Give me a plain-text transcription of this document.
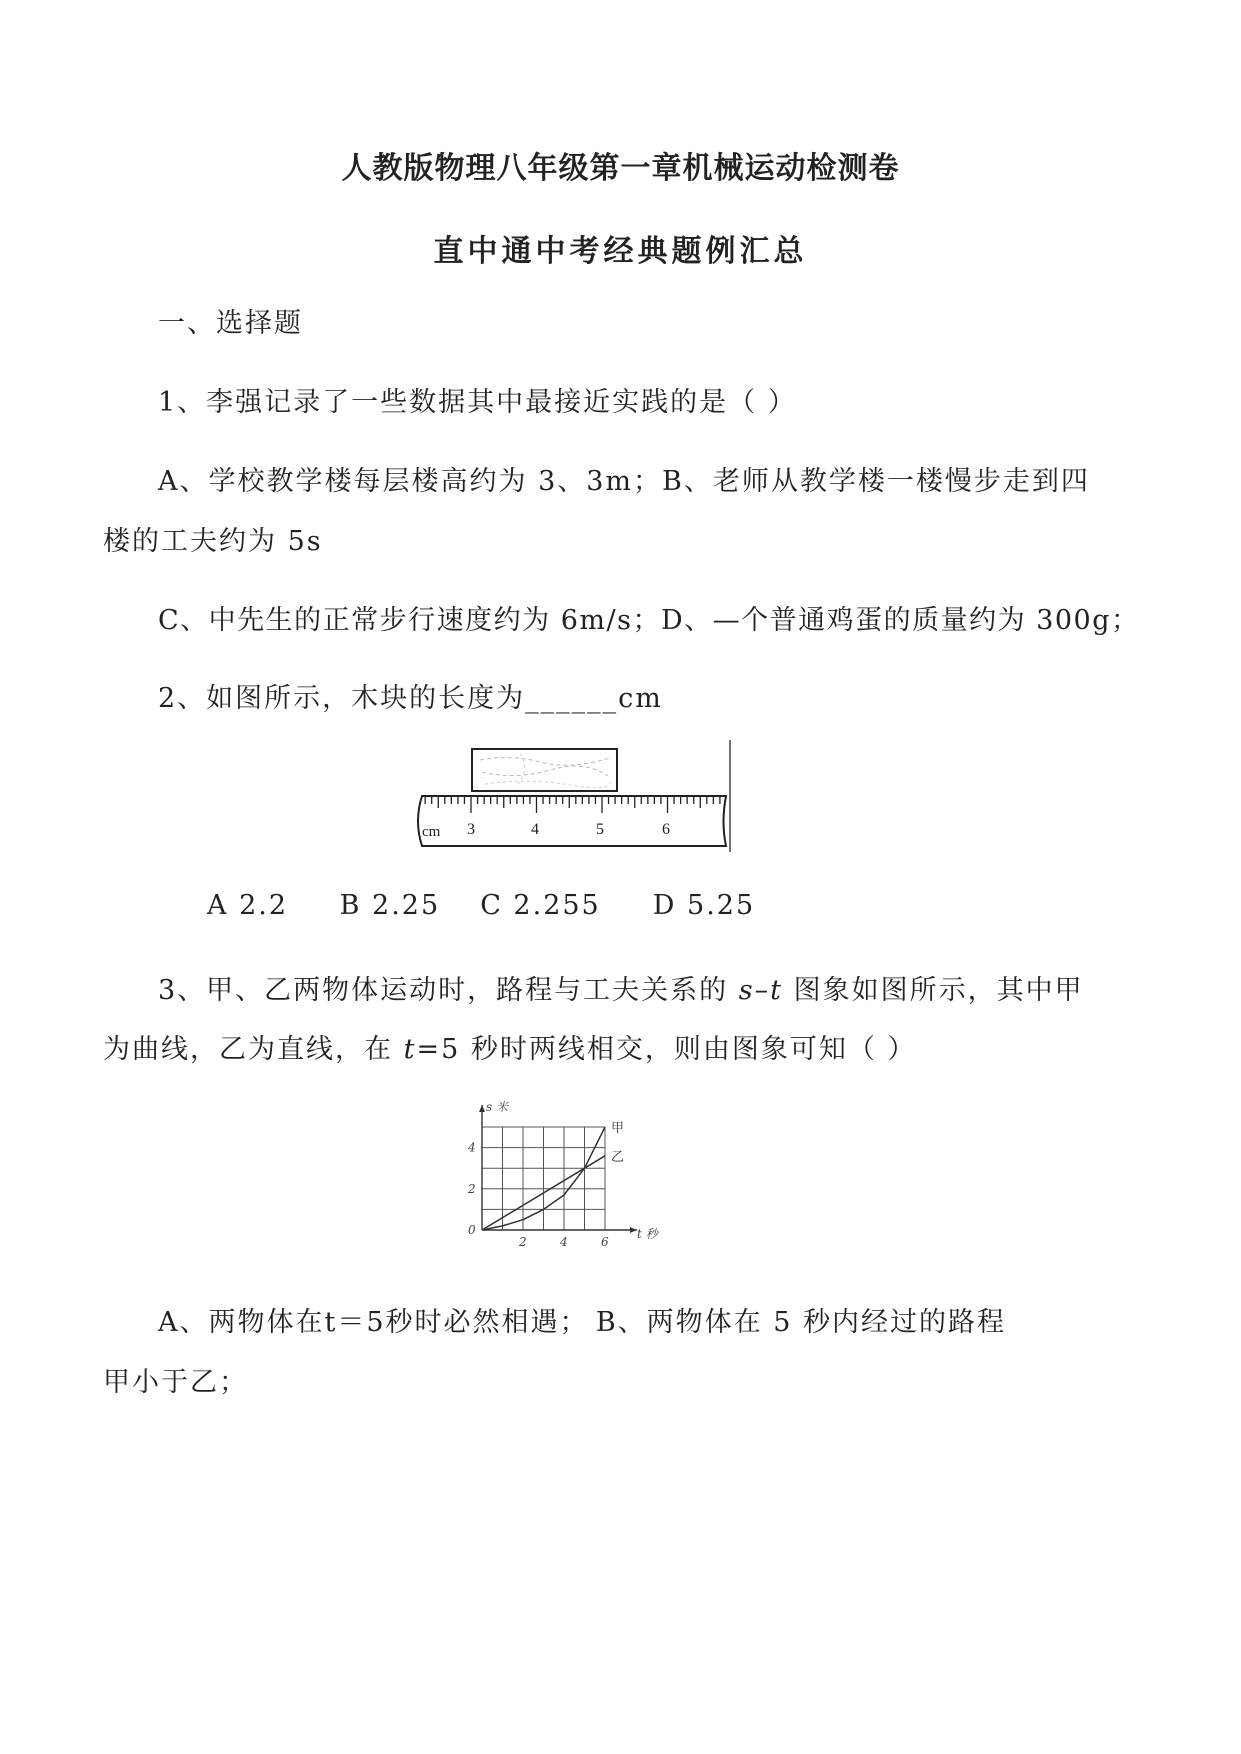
人教版物理八年级第一章机械运动检测卷
直中通中考经典题例汇总
一、选择题
1、李强记录了一些数据其中最接近实践的是（ ）
A、学校教学楼每层楼高约为 3、3m； B、老师从教学楼一楼慢步走到四
楼的工夫约为 5s
C、中先生的正常步行速度约为 6m/s；D、—个普通鸡蛋的质量约为 300g；
2、如图所示，木块的长度为______cm
cm 3	4	5	6
A 2.2 B 2.25 C 2.255 D 5.25
3、甲、乙两物体运动时，路程与工夫关系的 s–t 图象如图所示，其中甲
为曲线，乙为直线，在 t=5 秒时两线相交，则由图象可知（ ）
甲
乙
2	4	6
2
4
0
s 米
t 秒
A、两物体在t＝5秒时必然相遇； B、两物体在 5 秒内经过的路程
甲小于乙；
